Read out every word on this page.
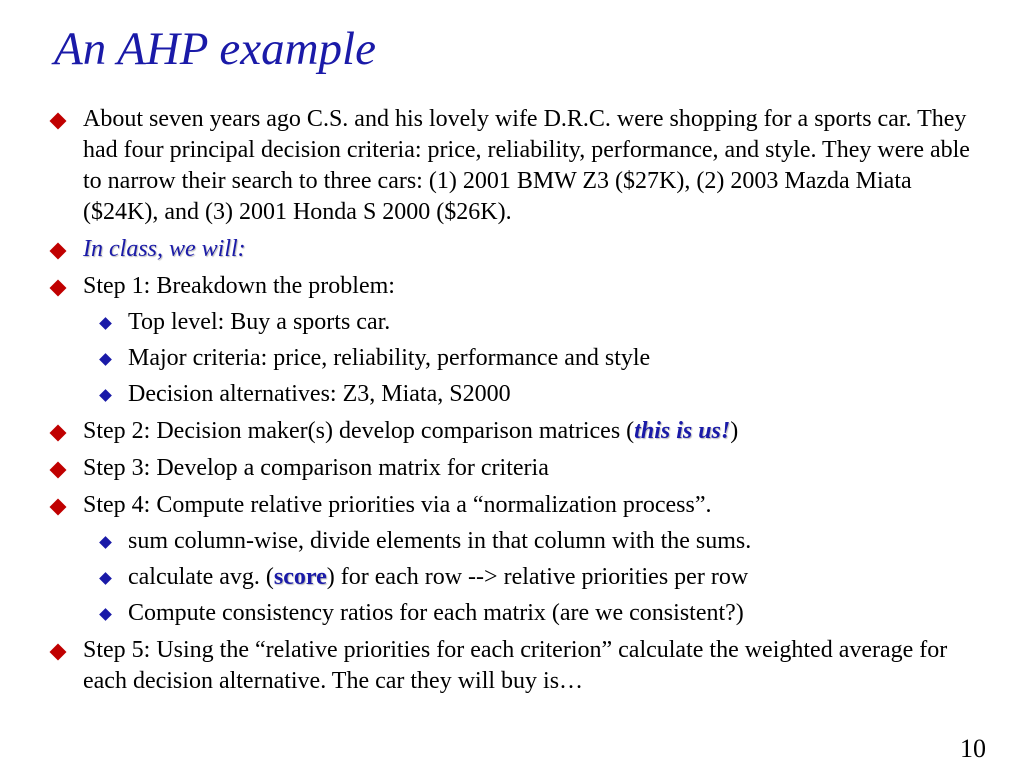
An AHP example
About seven years ago C.S. and his lovely wife D.R.C. were shopping for a sports car. They had four principal decision criteria: price, reliability, performance, and style. They were able to narrow their search to three cars: (1) 2001 BMW Z3 ($27K), (2) 2003 Mazda Miata ($24K), and (3) 2001 Honda S 2000 ($26K).
In class, we will:
Step 1: Breakdown the problem:
Top level: Buy a sports car.
Major criteria: price, reliability, performance and style
Decision alternatives: Z3, Miata, S2000
Step 2: Decision maker(s) develop comparison matrices (this is us!)
Step 3: Develop a comparison matrix for criteria
Step 4: Compute relative priorities via a “normalization process”.
sum column-wise, divide elements in that column with the sums.
calculate avg. (score) for each row --> relative priorities per row
Compute consistency ratios for each matrix (are we consistent?)
Step 5: Using the “relative priorities for each criterion” calculate the weighted average for each decision alternative. The car they will buy is…
10
